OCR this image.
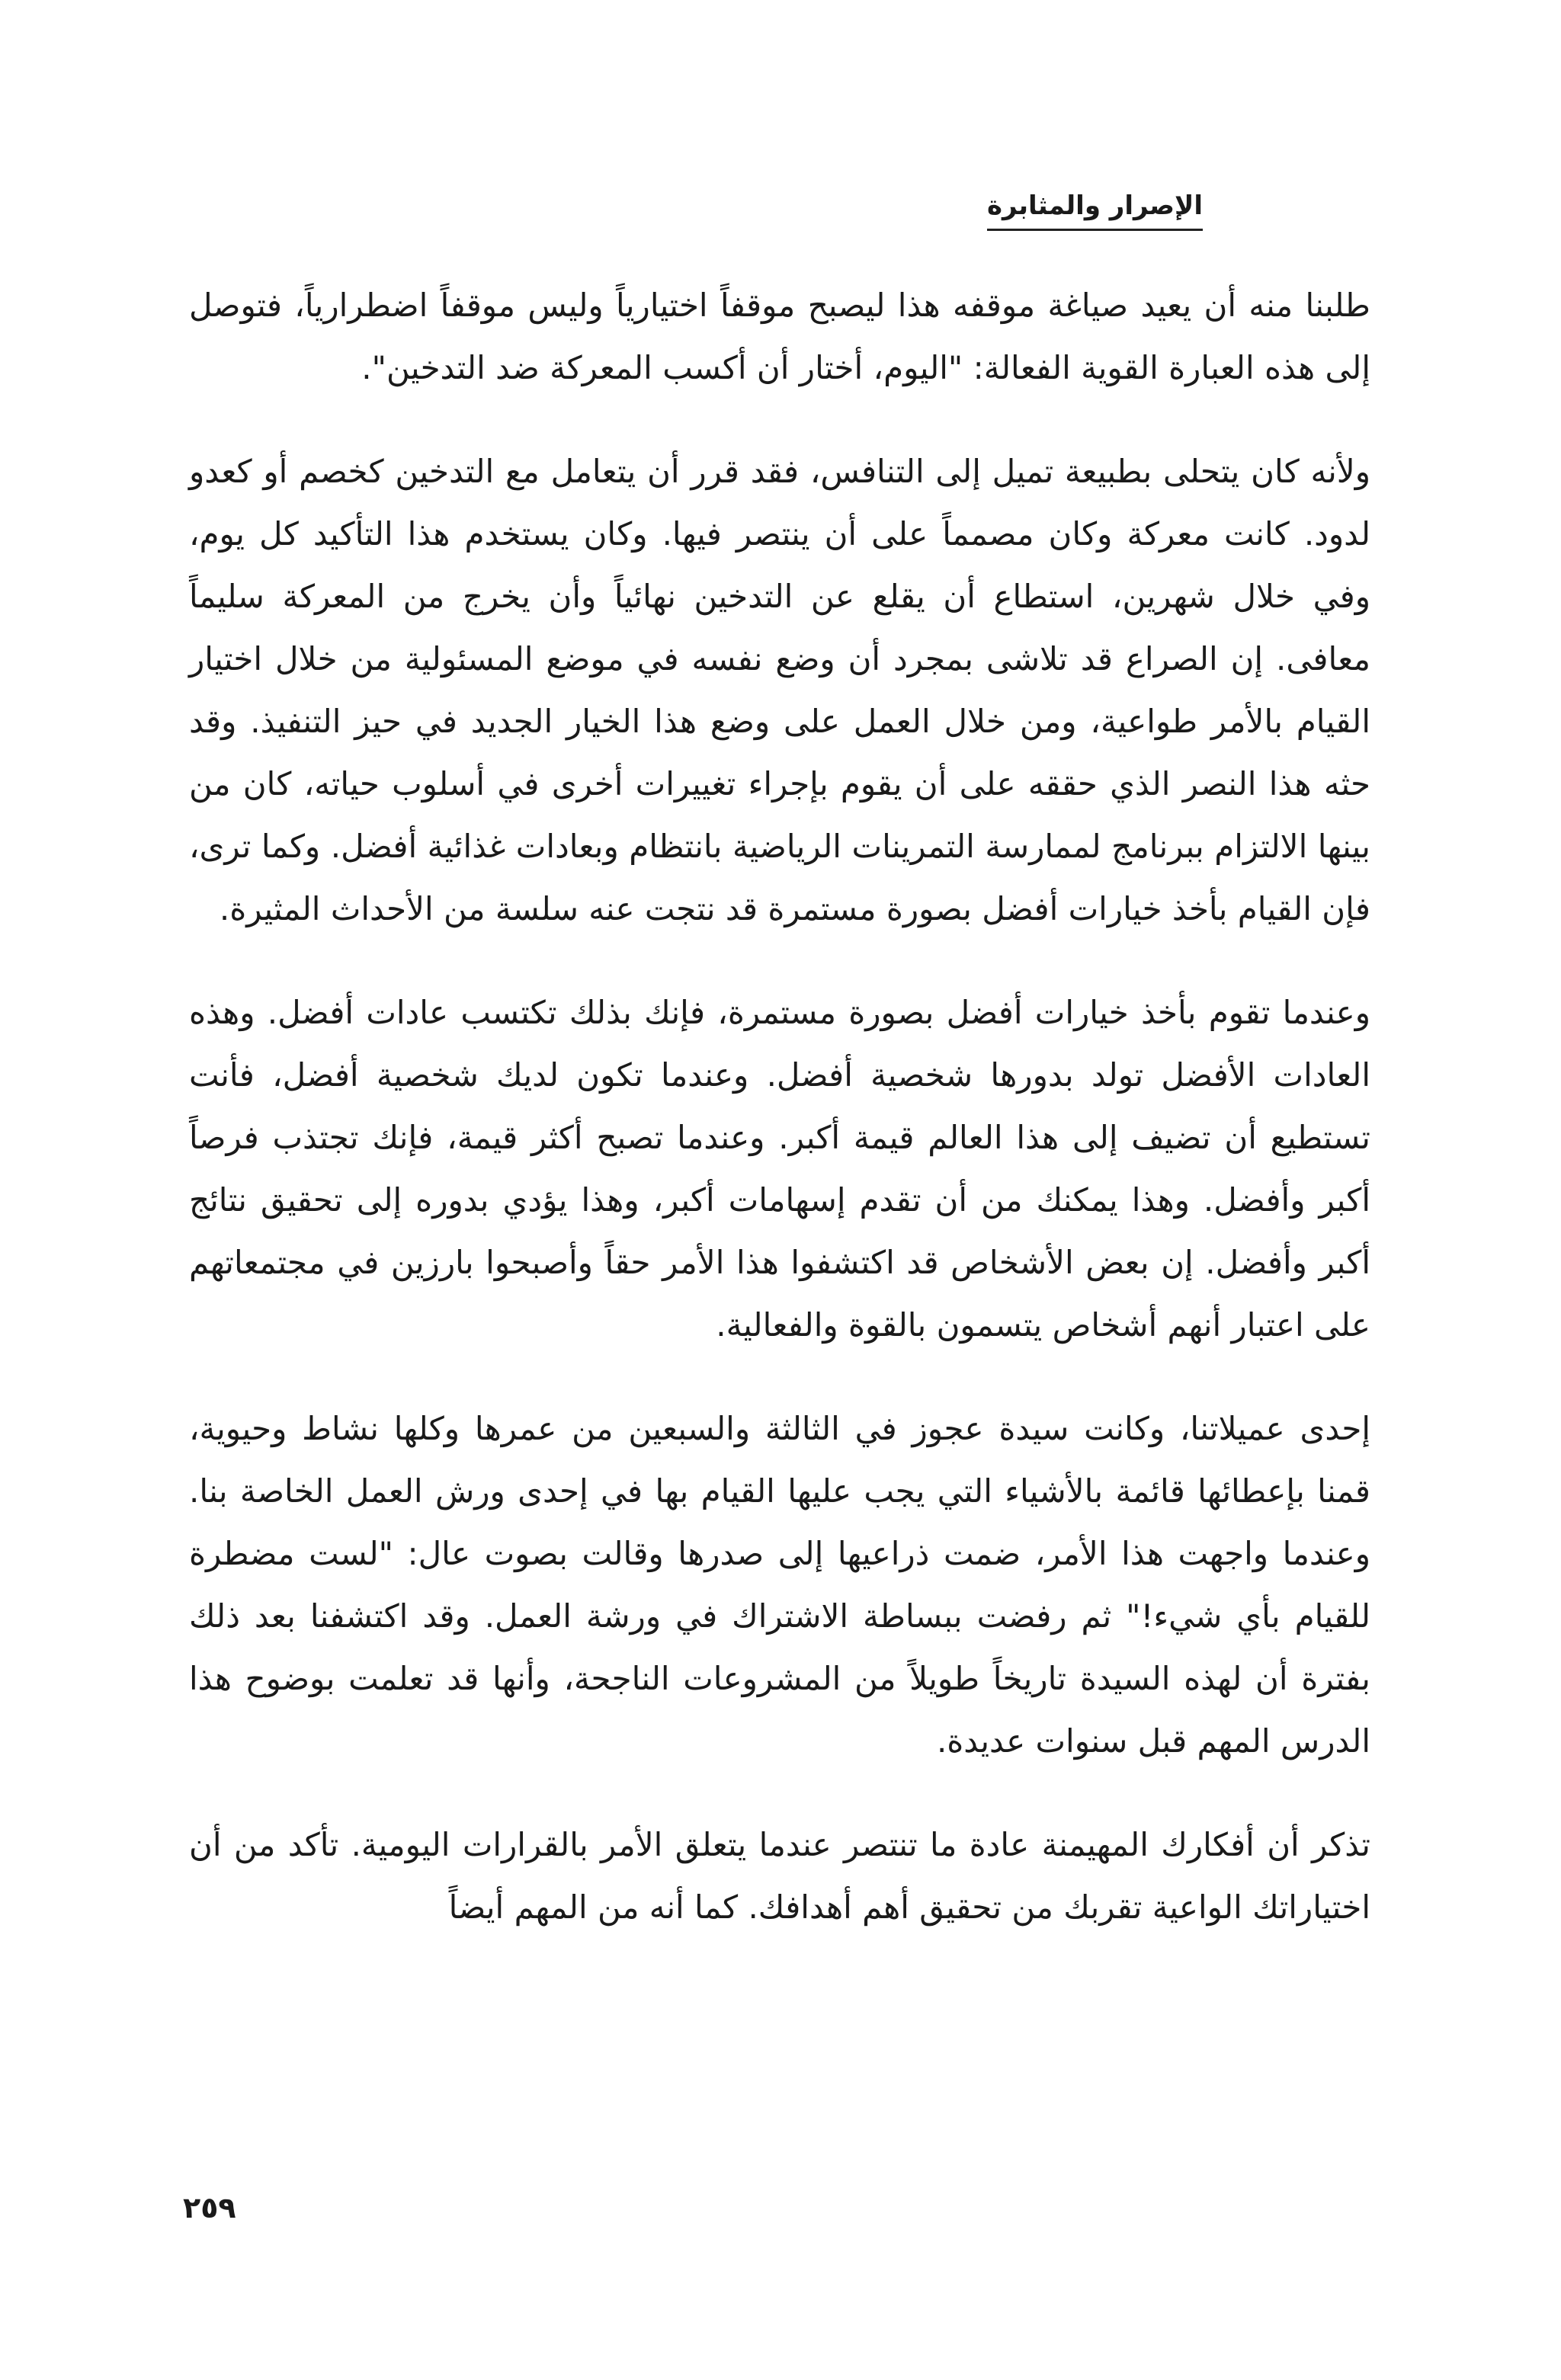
الإصرار والمثابرة

طلبنا منه أن يعيد صياغة موقفه هذا ليصبح موقفاً اختيارياً وليس موقفاً اضطرارياً، فتوصل إلى هذه العبارة القوية الفعالة: "اليوم، أختار أن أكسب المعركة ضد التدخين".

ولأنه كان يتحلى بطبيعة تميل إلى التنافس، فقد قرر أن يتعامل مع التدخين كخصم أو كعدو لدود. كانت معركة وكان مصمماً على أن ينتصر فيها. وكان يستخدم هذا التأكيد كل يوم، وفي خلال شهرين، استطاع أن يقلع عن التدخين نهائياً وأن يخرج من المعركة سليماً معافى. إن الصراع قد تلاشى بمجرد أن وضع نفسه في موضع المسئولية من خلال اختيار القيام بالأمر طواعية، ومن خلال العمل على وضع هذا الخيار الجديد في حيز التنفيذ. وقد حثه هذا النصر الذي حققه على أن يقوم بإجراء تغييرات أخرى في أسلوب حياته، كان من بينها الالتزام ببرنامج لممارسة التمرينات الرياضية بانتظام وبعادات غذائية أفضل. وكما ترى، فإن القيام بأخذ خيارات أفضل بصورة مستمرة قد نتجت عنه سلسة من الأحداث المثيرة.

وعندما تقوم بأخذ خيارات أفضل بصورة مستمرة، فإنك بذلك تكتسب عادات أفضل. وهذه العادات الأفضل تولد بدورها شخصية أفضل. وعندما تكون لديك شخصية أفضل، فأنت تستطيع أن تضيف إلى هذا العالم قيمة أكبر. وعندما تصبح أكثر قيمة، فإنك تجتذب فرصاً أكبر وأفضل. وهذا يمكنك من أن تقدم إسهامات أكبر، وهذا يؤدي بدوره إلى تحقيق نتائج أكبر وأفضل. إن بعض الأشخاص قد اكتشفوا هذا الأمر حقاً وأصبحوا بارزين في مجتمعاتهم على اعتبار أنهم أشخاص يتسمون بالقوة والفعالية.

إحدى عميلاتنا، وكانت سيدة عجوز في الثالثة والسبعين من عمرها وكلها نشاط وحيوية، قمنا بإعطائها قائمة بالأشياء التي يجب عليها القيام بها في إحدى ورش العمل الخاصة بنا. وعندما واجهت هذا الأمر، ضمت ذراعيها إلى صدرها وقالت بصوت عال: "لست مضطرة للقيام بأي شيء!" ثم رفضت ببساطة الاشتراك في ورشة العمل. وقد اكتشفنا بعد ذلك بفترة أن لهذه السيدة تاريخاً طويلاً من المشروعات الناجحة، وأنها قد تعلمت بوضوح هذا الدرس المهم قبل سنوات عديدة.

تذكر أن أفكارك المهيمنة عادة ما تنتصر عندما يتعلق الأمر بالقرارات اليومية. تأكد من أن اختياراتك الواعية تقربك من تحقيق أهم أهدافك. كما أنه من المهم أيضاً

٢٥٩
